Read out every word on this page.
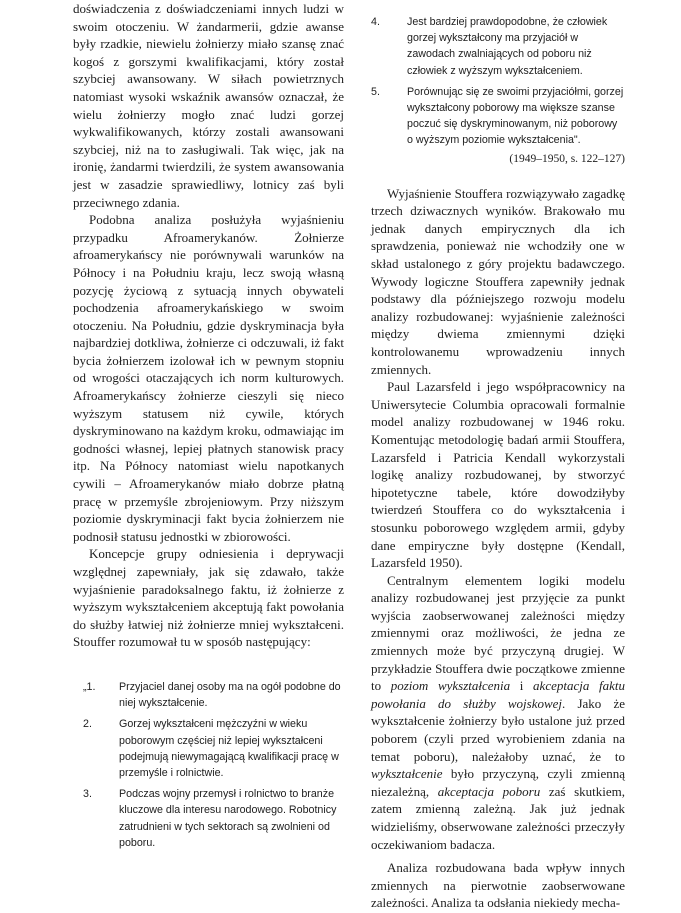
doświadczenia z doświadczeniami innych ludzi w swoim otoczeniu. W żandarmerii, gdzie awanse były rzadkie, niewielu żołnierzy miało szansę znać kogoś z gorszymi kwalifikacjami, który został szybciej awansowany. W siłach powietrznych natomiast wysoki wskaźnik awansów oznaczał, że wielu żołnierzy mogło znać ludzi gorzej wykwalifikowanych, którzy zostali awansowani szybciej, niż na to zasługiwali. Tak więc, jak na ironię, żandarmi twierdzili, że system awansowania jest w zasadzie sprawiedliwy, lotnicy zaś byli przeciwnego zdania.

Podobna analiza posłużyła wyjaśnieniu przypadku Afroamerykanów. Żołnierze afroamerykańscy nie porównywali warunków na Północy i na Południu kraju, lecz swoją własną pozycję życiową z sytuacją innych obywateli pochodzenia afroamerykańskiego w swoim otoczeniu. Na Południu, gdzie dyskryminacja była najbardziej dotkliwa, żołnierze ci odczuwali, iż fakt bycia żołnierzem izolował ich w pewnym stopniu od wrogości otaczających ich norm kulturowych. Afroamerykańscy żołnierze cieszyli się nieco wyższym statusem niż cywile, których dyskryminowano na każdym kroku, odmawiając im godności własnej, lepiej płatnych stanowisk pracy itp. Na Północy natomiast wielu napotkanych cywili – Afroamerykanów miało dobrze płatną pracę w przemyśle zbrojeniowym. Przy niższym poziomie dyskryminacji fakt bycia żołnierzem nie podnosił statusu jednostki w zbiorowości.

Koncepcje grupy odniesienia i deprywacji względnej zapewniały, jak się zdawało, także wyjaśnienie paradoksalnego faktu, iż żołnierze z wyższym wykształceniem akceptują fakt powołania do służby łatwiej niż żołnierze mniej wykształceni. Stouffer rozumował tu w sposób następujący:

„1. Przyjaciel danej osoby ma na ogół podobne do niej wykształcenie.
2.	Gorzej wykształceni mężczyźni w wieku poborowym częściej niż lepiej wykształceni podejmują niewymagającą kwalifikacji pracę w przemyśle i rolnictwie.
3.	Podczas wojny przemysł i rolnictwo to branże kluczowe dla interesu narodowego. Robotnicy zatrudnieni w tych sektorach są zwolnieni od poboru.
4.	Jest bardziej prawdopodobne, że człowiek gorzej wykształcony ma przyjaciół w zawodach zwalniających od poboru niż człowiek z wyższym wykształceniem.
5.	Porównując się ze swoimi przyjaciółmi, gorzej wykształcony poborowy ma większe szanse poczuć się dyskryminowanym, niż poborowy o wyższym poziomie wykształcenia".

(1949–1950, s. 122–127)

Wyjaśnienie Stouffera rozwiązywało zagadkę trzech dziwacznych wyników. Brakowało mu jednak danych empirycznych dla ich sprawdzenia, ponieważ nie wchodziły one w skład ustalonego z góry projektu badawczego. Wywody logiczne Stouffera zapewniły jednak podstawy dla późniejszego rozwoju modelu analizy rozbudowanej: wyjaśnienie zależności między dwiema zmiennymi dzięki kontrolowanemu wprowadzeniu innych zmiennych.

Paul Lazarsfeld i jego współpracownicy na Uniwersytecie Columbia opracowali formalnie model analizy rozbudowanej w 1946 roku. Komentując metodologię badań armii Stouffera, Lazarsfeld i Patricia Kendall wykorzystali logikę analizy rozbudowanej, by stworzyć hipotetyczne tabele, które dowodziłyby twierdzeń Stouffera co do wykształcenia i stosunku poborowego względem armii, gdyby dane empiryczne były dostępne (Kendall, Lazarsfeld 1950).

Centralnym elementem logiki modelu analizy rozbudowanej jest przyjęcie za punkt wyjścia zaobserwowanej zależności między zmiennymi oraz możliwości, że jedna ze zmiennych może być przyczyną drugiej. W przykładzie Stouffera dwie początkowe zmienne to poziom wykształcenia i akceptacja faktu powołania do służby wojskowej. Jako że wykształcenie żołnierzy było ustalone już przed poborem (czyli przed wyrobieniem zdania na temat poboru), należałoby uznać, że to wykształcenie było przyczyną, czyli zmienną niezależną, akceptacja poboru zaś skutkiem, zatem zmienną zależną. Jak już jednak widzieliśmy, obserwowane zależności przeczyły oczekiwaniom badacza.

Analiza rozbudowana bada wpływ innych zmiennych na pierwotnie zaobserwowane zależności. Analiza ta odsłania niekiedy mecha-
